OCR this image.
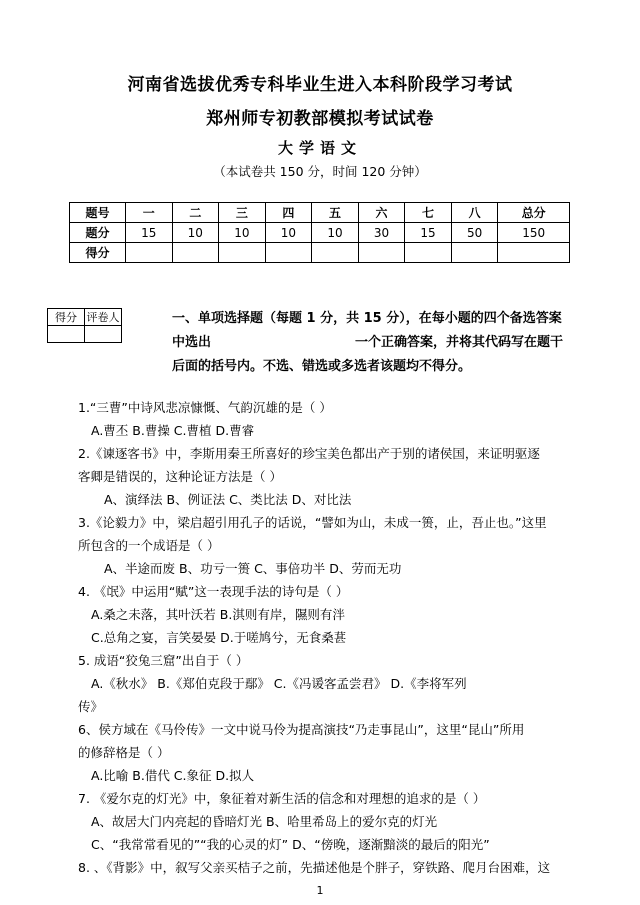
河南省选拔优秀专科毕业生进入本科阶段学习考试
郑州师专初教部模拟考试试卷
大学语文
（本试卷共 150 分，时间 120 分钟）
题号	一	二	三	四	五	六	七	八	总分
题分	15	10	10	10	10	30	15	50	150
得分									
得分	评卷人
		一、单项选择题（每题 1 分，共 15 分），在每小题的四个备选答案
中选出	一个正确答案，并将其代码写在题干
后面的括号内。不选、错选或多选者该题均不得分。
1.“三曹”中诗风悲凉慷慨、气韵沉雄的是（ ）
A.曹丕 B.曹操 C.曹植 D.曹睿
2.《谏逐客书》中，李斯用秦王所喜好的珍宝美色都出产于别的诸侯国，来证明驱逐
客卿是错误的，这种论证方法是（ ）
A、演绎法 B、例证法 C、类比法 D、对比法
3.《论毅力》中，梁启超引用孔子的话说，“譬如为山，未成一篑，止，吾止也。”这里
所包含的一个成语是（ ）
A、半途而废 B、功亏一篑 C、事倍功半 D、劳而无功
4. 《氓》中运用“赋”这一表现手法的诗句是（ ）
A.桑之未落，其叶沃若 B.淇则有岸，隰则有泮
C.总角之宴，言笑晏晏 D.于嗟鸠兮，无食桑葚
5. 成语“狡兔三窟”出自于（ ）
A.《秋水》 B.《郑伯克段于鄢》 C.《冯谖客孟尝君》 D.《李将军列
传》
6、侯方域在《马伶传》一文中说马伶为提高演技“乃走事昆山”，这里“昆山”所用
的修辞格是（ ）
A.比喻 B.借代 C.象征 D.拟人
7. 《爱尔克的灯光》中，象征着对新生活的信念和对理想的追求的是（ ）
A、故居大门内亮起的昏暗灯光 B、哈里希岛上的爱尔克的灯光
C、“我常常看见的”“我的心灵的灯” D、“傍晚，逐渐黯淡的最后的阳光”
8. 、《背影》中，叙写父亲买桔子之前，先描述他是个胖子，穿铁路、爬月台困难，这
1
